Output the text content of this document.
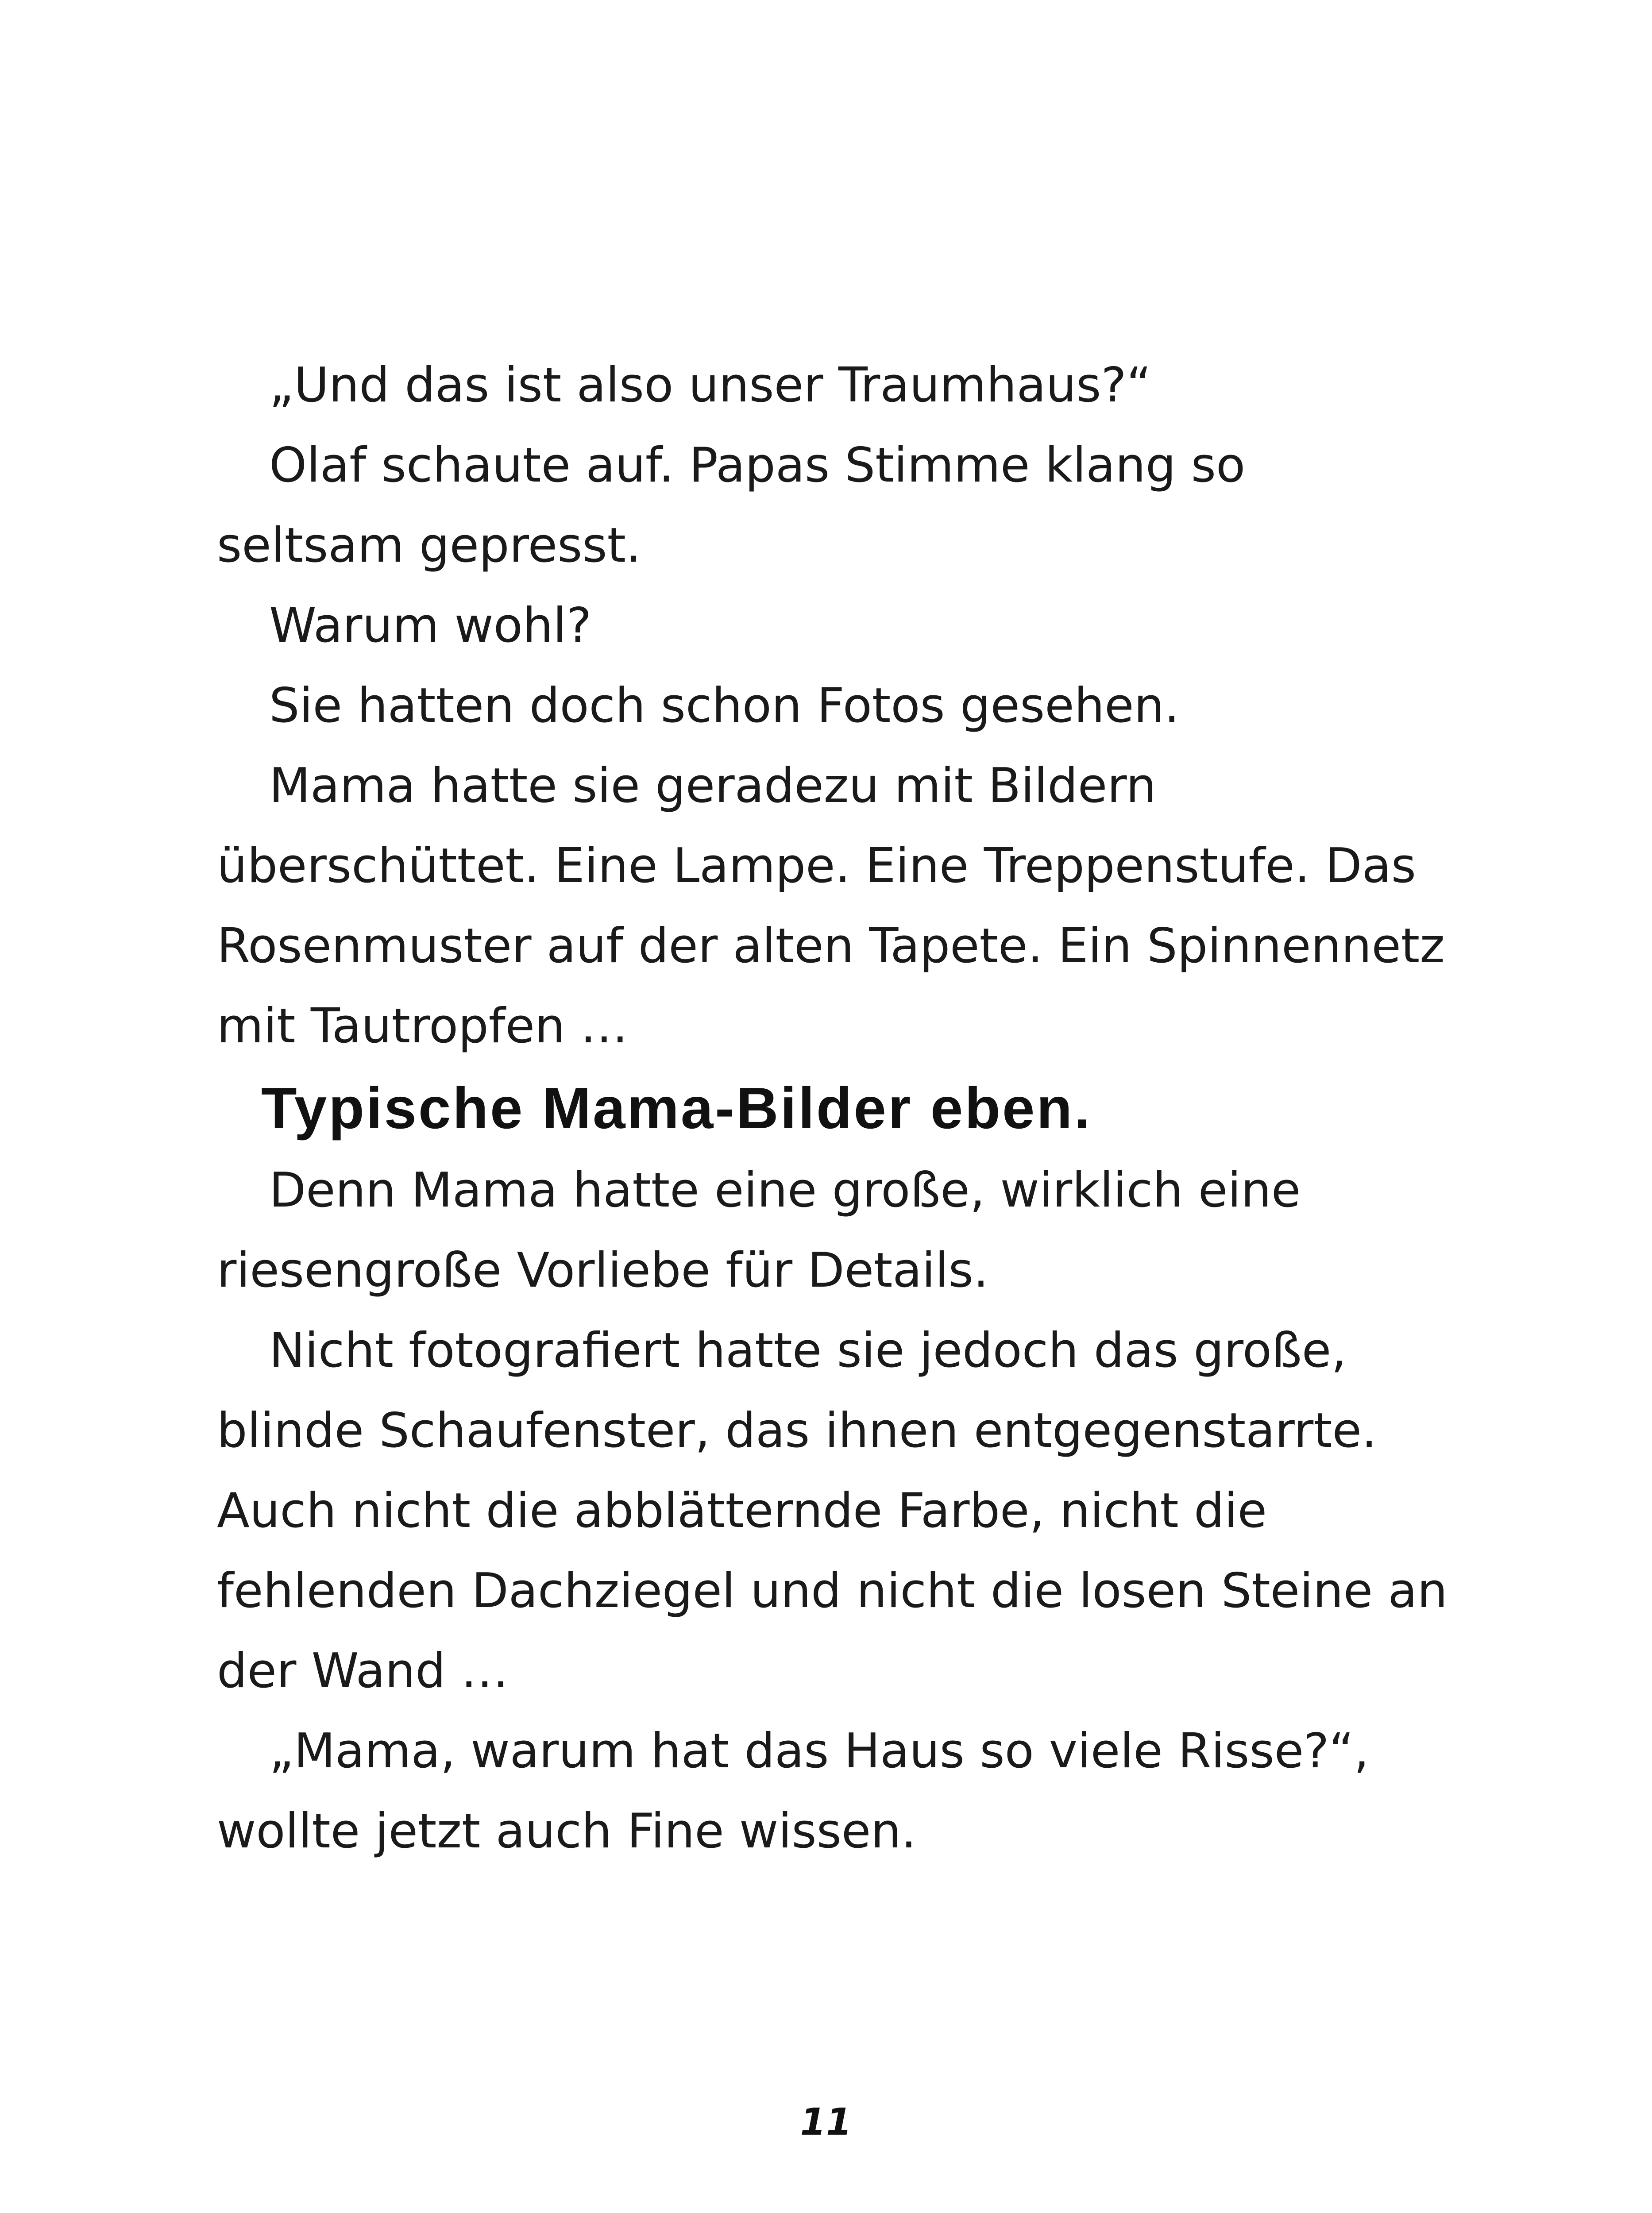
„Und das ist also unser Traumhaus?“
Olaf schaute auf. Papas Stimme klang so
seltsam gepresst.
Warum wohl?
Sie hatten doch schon Fotos gesehen.
Mama hatte sie geradezu mit Bildern
überschüttet. Eine Lampe. Eine Treppenstufe. Das
Rosenmuster auf der alten Tapete. Ein Spinnennetz
mit Tautropfen …
Typische Mama-Bilder eben.
Denn Mama hatte eine große, wirklich eine
riesengroße Vorliebe für Details.
Nicht fotografiert hatte sie jedoch das große,
blinde Schaufenster, das ihnen entgegenstarrte.
Auch nicht die abblätternde Farbe, nicht die
fehlenden Dachziegel und nicht die losen Steine an
der Wand …
„Mama, warum hat das Haus so viele Risse?“,
wollte jetzt auch Fine wissen.
11
